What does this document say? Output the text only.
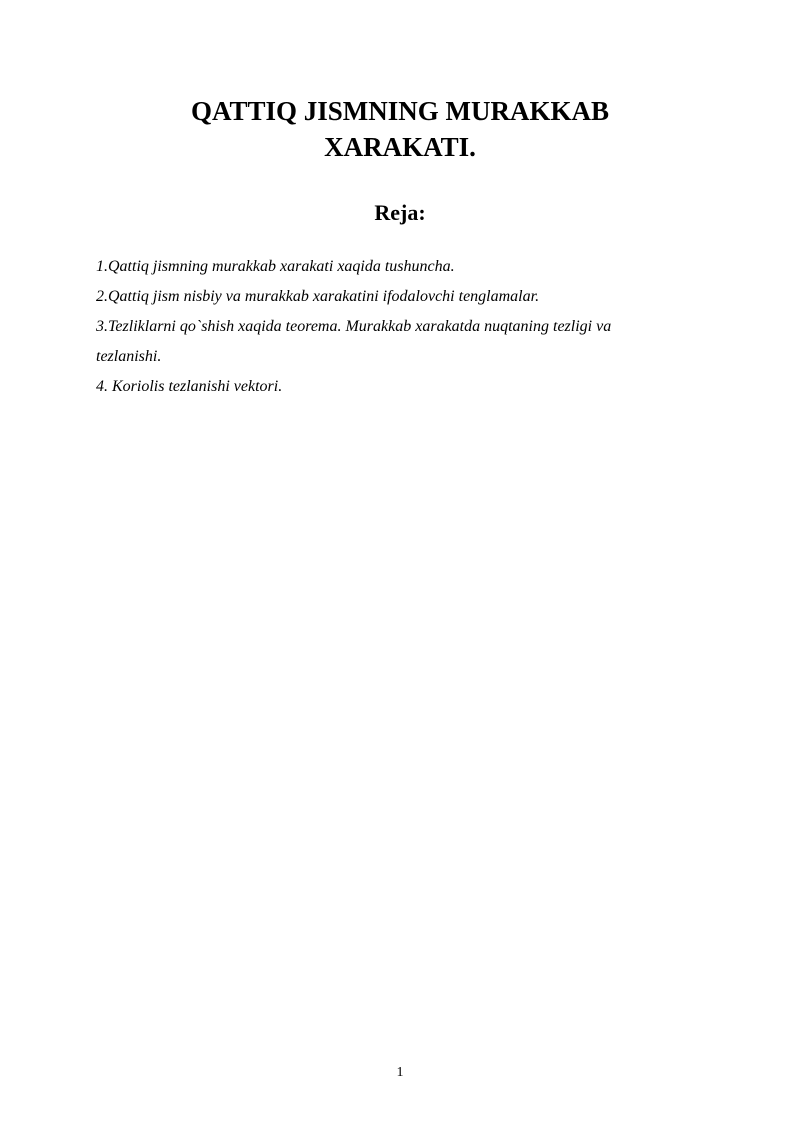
QATTIQ JISMNING MURAKKAB
XARAKATI.
Reja:
1.Qattiq jismning murakkab xarakati xaqida tushuncha.
2.Qattiq jism nisbiy va murakkab xarakatini ifodalovchi tenglamalar.
3.Tezliklarni qo`shish xaqida teorema. Murakkab xarakatda nuqtaning tezligi va
tezlanishi.
4. Koriolis tezlanishi vektori.
1
